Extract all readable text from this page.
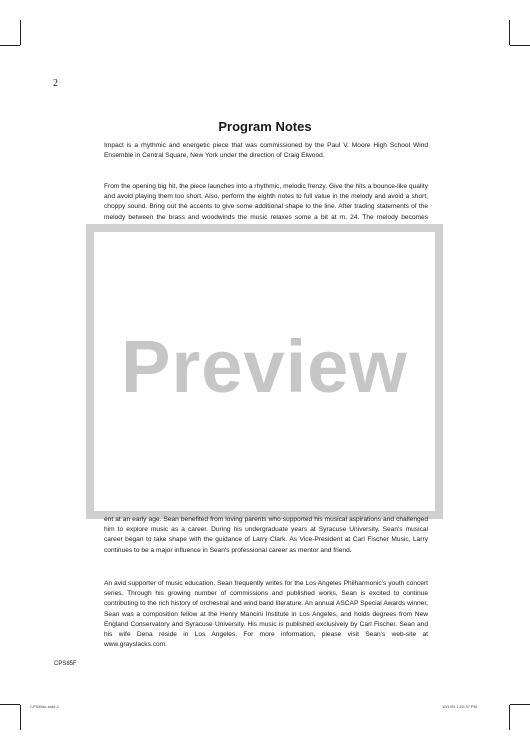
2
Program Notes

Impact is a rhythmic and energetic piece that was commissioned by the Paul V. Moore High School Wind Ensemble in Central Square, New York under the direction of Craig Elwood.

From the opening big hit, the piece launches into a rhythmic, melodic frenzy. Give the hits a bounce-like quality and avoid playing them too short. Also, perform the eighth notes to full value in the melody and avoid a short, choppy sound. Bring out the accents to give some additional shape to the line. After trading statements of the melody between the brass and woodwinds the music relaxes some a bit at m. 24. The melody becomes

Preview

ent at an early age. Sean benefited from loving parents who supported his musical aspirations and challenged him to explore music as a career. During his undergraduate years at Syracuse University, Sean's musical career began to take shape with the guidance of Larry Clark. As Vice-President at Carl Fischer Music, Larry continues to be a major influence in Sean's professional career as mentor and friend.

An avid supporter of music education, Sean frequently writes for the Los Angeles Philharmonic's youth concert series. Through his growing number of commissions and published works, Sean is excited to continue contributing to the rich history of orchestral and wind band literature. An annual ASCAP Special Awards winner, Sean was a composition fellow at the Henry Mancini Institute in Los Angeles, and holds degrees from New England Conservatory and Syracuse University. His music is published exclusively by Carl Fischer. Sean and his wife Dena reside in Los Angeles. For more information, please visit Sean's web-site at www.grayslacks.com.

CPS85F
CPS85sc.indd 2	10/1/09 1:02:37 PM
